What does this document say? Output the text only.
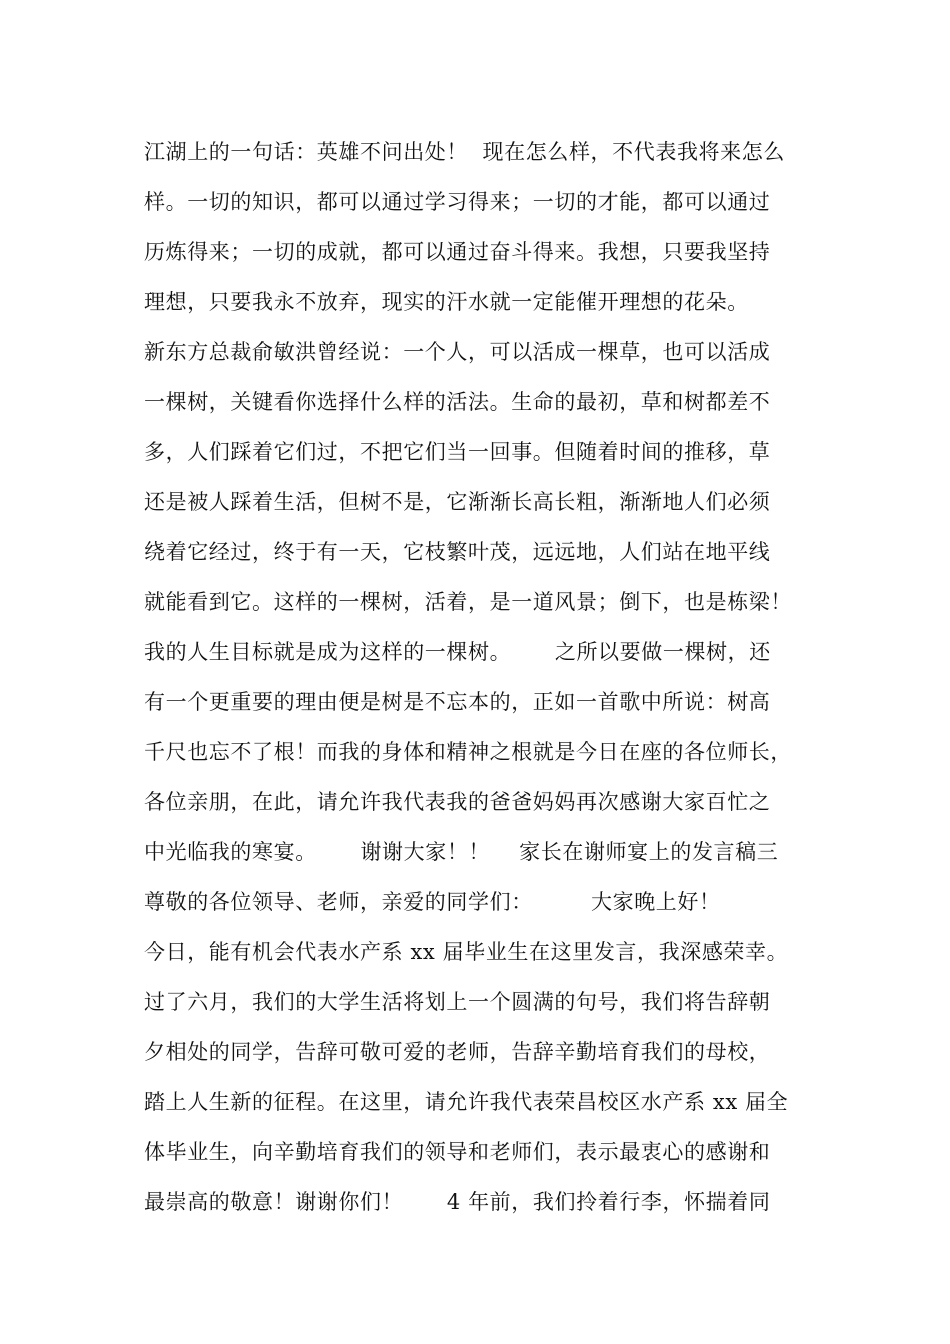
江湖上的一句话：英雄不问出处！  现在怎么样，不代表我将来怎么
样。一切的知识，都可以通过学习得来；一切的才能，都可以通过
历炼得来；一切的成就，都可以通过奋斗得来。我想，只要我坚持
理想，只要我永不放弃，现实的汗水就一定能催开理想的花朵。
新东方总裁俞敏洪曾经说：一个人，可以活成一棵草，也可以活成
一棵树，关键看你选择什么样的活法。生命的最初，草和树都差不
多，人们踩着它们过，不把它们当一回事。但随着时间的推移，草
还是被人踩着生活，但树不是，它渐渐长高长粗，渐渐地人们必须
绕着它经过，终于有一天，它枝繁叶茂，远远地，人们站在地平线
就能看到它。这样的一棵树，活着，是一道风景；倒下，也是栋梁！
我的人生目标就是成为这样的一棵树。      之所以要做一棵树，还
有一个更重要的理由便是树是不忘本的，正如一首歌中所说：树高
千尺也忘不了根！而我的身体和精神之根就是今日在座的各位师长，
各位亲朋，在此，请允许我代表我的爸爸妈妈再次感谢大家百忙之
中光临我的寒宴。      谢谢大家！！    家长在谢师宴上的发言稿三
尊敬的各位领导、老师，亲爱的同学们：        大家晚上好！
今日，能有机会代表水产系 xx 届毕业生在这里发言，我深感荣幸。
过了六月，我们的大学生活将划上一个圆满的句号，我们将告辞朝
夕相处的同学，告辞可敬可爱的老师，告辞辛勤培育我们的母校，
踏上人生新的征程。在这里，请允许我代表荣昌校区水产系 xx 届全
体毕业生，向辛勤培育我们的领导和老师们，表示最衷心的感谢和
最崇高的敬意！谢谢你们！      4 年前，我们拎着行李，怀揣着同
